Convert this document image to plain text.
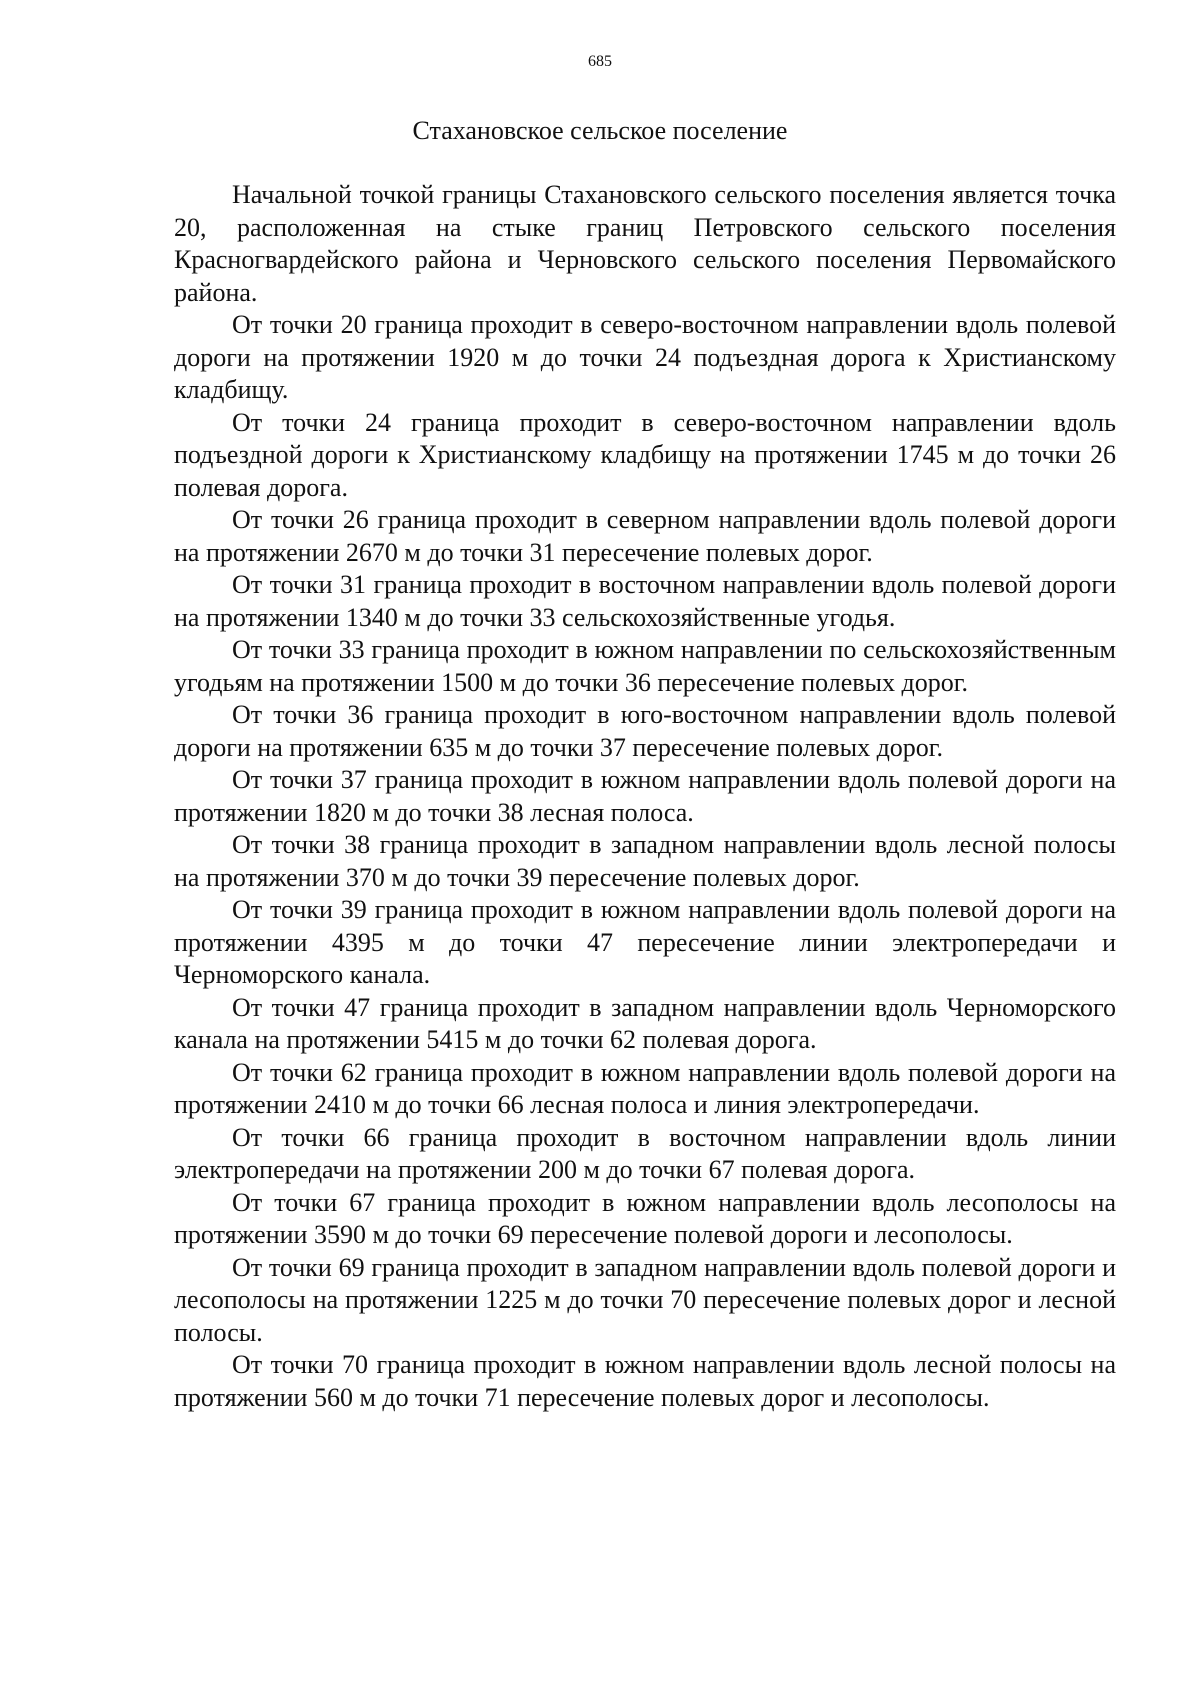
685
Стахановское сельское поселение

Начальной точкой границы Стахановского сельского поселения является точка 20, расположенная на стыке границ Петровского сельского поселения Красногвардейского района и Черновского сельского поселения Первомайского района.

От точки 20 граница проходит в северо-восточном направлении вдоль полевой дороги на протяжении 1920 м до точки 24 подъездная дорога к Христианскому кладбищу.

От точки 24 граница проходит в северо-восточном направлении вдоль подъездной дороги к Христианскому кладбищу на протяжении 1745 м до точки 26 полевая дорога.

От точки 26 граница проходит в северном направлении вдоль полевой дороги на протяжении 2670 м до точки 31 пересечение полевых дорог.

От точки 31 граница проходит в восточном направлении вдоль полевой дороги на протяжении 1340 м до точки 33 сельскохозяйственные угодья.

От точки 33 граница проходит в южном направлении по сельскохозяйственным угодьям на протяжении 1500 м до точки 36 пересечение полевых дорог.

От точки 36 граница проходит в юго-восточном направлении вдоль полевой дороги на протяжении 635 м до точки 37 пересечение полевых дорог.

От точки 37 граница проходит в южном направлении вдоль полевой дороги на протяжении 1820 м до точки 38 лесная полоса.

От точки 38 граница проходит в западном направлении вдоль лесной полосы на протяжении 370 м до точки 39 пересечение полевых дорог.

От точки 39 граница проходит в южном направлении вдоль полевой дороги на протяжении 4395 м до точки 47 пересечение линии электропередачи и Черноморского канала.

От точки 47 граница проходит в западном направлении вдоль Черноморского канала на протяжении 5415 м до точки 62 полевая дорога.

От точки 62 граница проходит в южном направлении вдоль полевой дороги на протяжении 2410 м до точки 66 лесная полоса и линия электропередачи.

От точки 66 граница проходит в восточном направлении вдоль линии электропередачи на протяжении 200 м до точки 67 полевая дорога.

От точки 67 граница проходит в южном направлении вдоль лесополосы на протяжении 3590 м до точки 69 пересечение полевой дороги и лесополосы.

От точки 69 граница проходит в западном направлении вдоль полевой дороги и лесополосы на протяжении 1225 м до точки 70 пересечение полевых дорог и лесной полосы.

От точки 70 граница проходит в южном направлении вдоль лесной полосы на протяжении 560 м до точки 71 пересечение полевых дорог и лесополосы.
